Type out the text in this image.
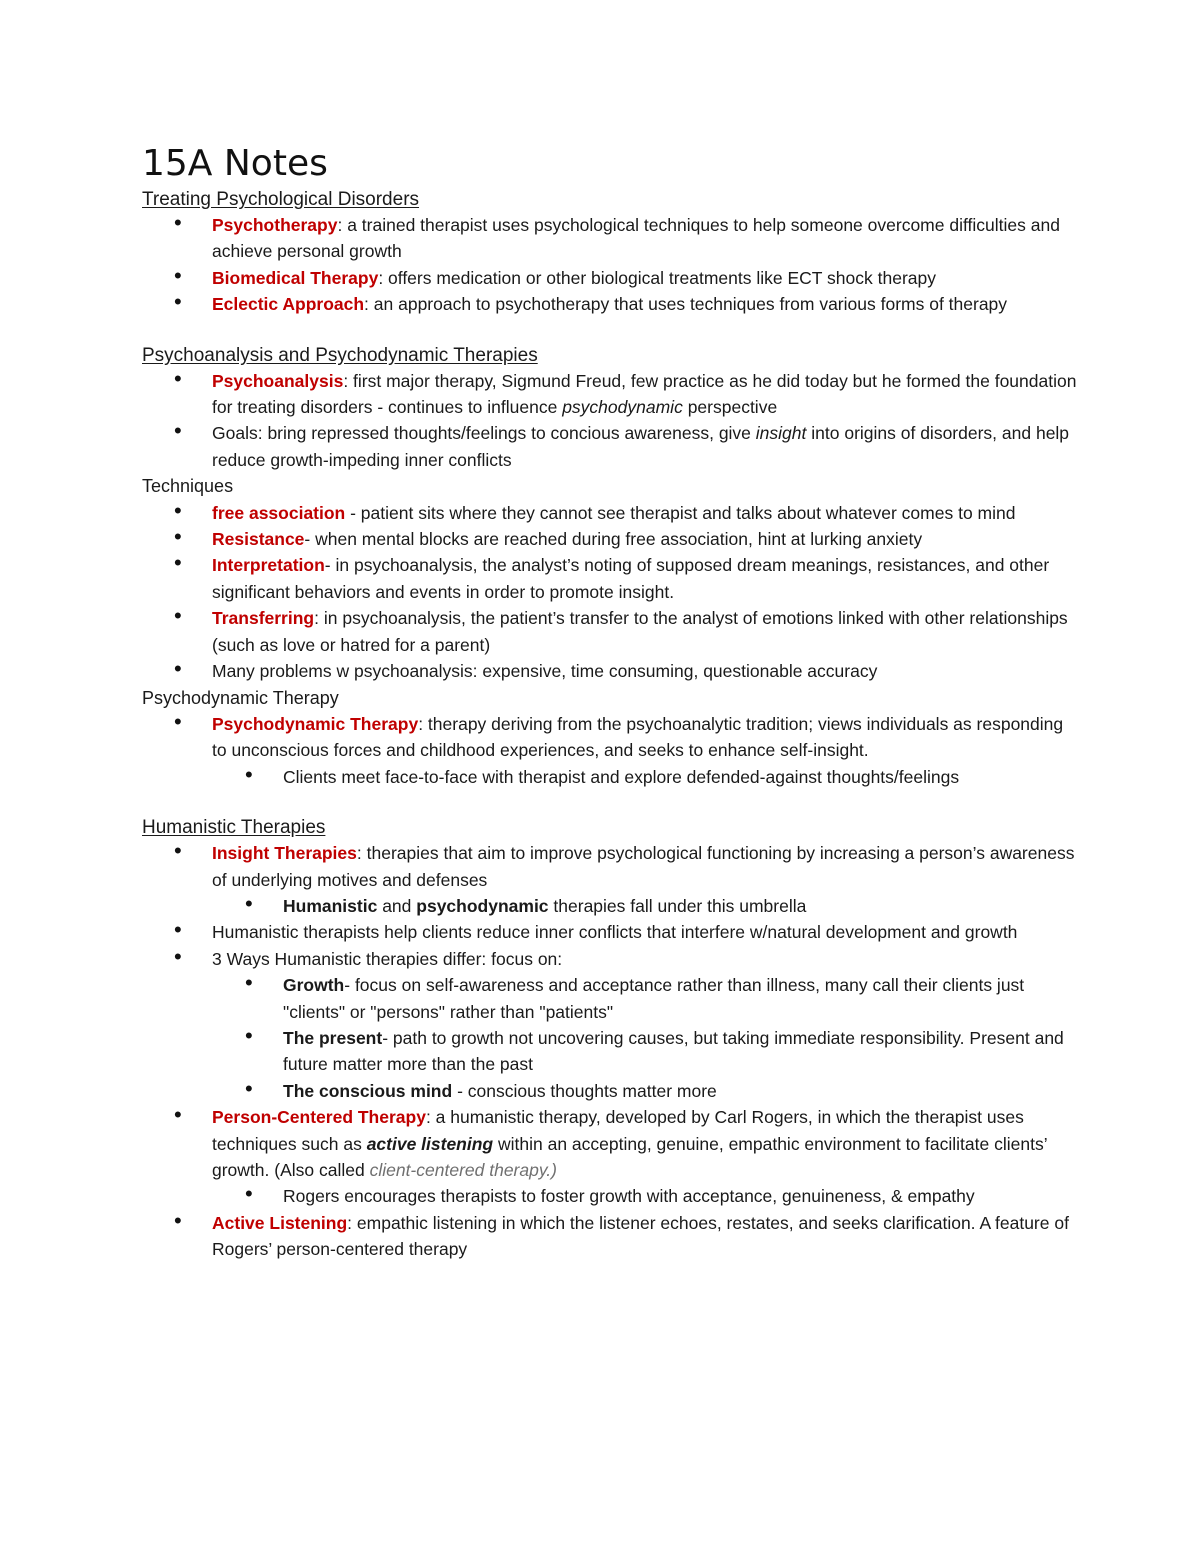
15A Notes

Treating Psychological Disorders

• Psychotherapy: a trained therapist uses psychological techniques to help someone overcome difficulties and achieve personal growth
• Biomedical Therapy: offers medication or other biological treatments like ECT shock therapy
• Eclectic Approach: an approach to psychotherapy that uses techniques from various forms of therapy

Psychoanalysis and Psychodynamic Therapies

• Psychoanalysis: first major therapy, Sigmund Freud, few practice as he did today but he formed the foundation for treating disorders - continues to influence psychodynamic perspective
• Goals: bring repressed thoughts/feelings to concious awareness, give insight into origins of disorders, and help reduce growth-impeding inner conflicts

Techniques

• free association - patient sits where they cannot see therapist and talks about whatever comes to mind
• Resistance- when mental blocks are reached during free association, hint at lurking anxiety
• Interpretation- in psychoanalysis, the analyst’s noting of supposed dream meanings, resistances, and other significant behaviors and events in order to promote insight.
• Transferring: in psychoanalysis, the patient’s transfer to the analyst of emotions linked with other relationships (such as love or hatred for a parent)
• Many problems w psychoanalysis: expensive, time consuming, questionable accuracy

Psychodynamic Therapy

• Psychodynamic Therapy: therapy deriving from the psychoanalytic tradition; views individuals as responding to unconscious forces and childhood experiences, and seeks to enhance self-insight.
• Clients meet face-to-face with therapist and explore defended-against thoughts/feelings

Humanistic Therapies

• Insight Therapies: therapies that aim to improve psychological functioning by increasing a person’s awareness of underlying motives and defenses
• Humanistic and psychodynamic therapies fall under this umbrella
• Humanistic therapists help clients reduce inner conflicts that interfere w/natural development and growth
• 3 Ways Humanistic therapies differ: focus on:
• Growth- focus on self-awareness and acceptance rather than illness, many call their clients just "clients" or "persons" rather than "patients"
• The present- path to growth not uncovering causes, but taking immediate responsibility. Present and future matter more than the past
• The conscious mind - conscious thoughts matter more
• Person-Centered Therapy: a humanistic therapy, developed by Carl Rogers, in which the therapist uses techniques such as active listening within an accepting, genuine, empathic environment to facilitate clients’ growth. (Also called client-centered therapy.)
• Rogers encourages therapists to foster growth with acceptance, genuineness, & empathy
• Active Listening: empathic listening in which the listener echoes, restates, and seeks clarification. A feature of Rogers’ person-centered therapy
